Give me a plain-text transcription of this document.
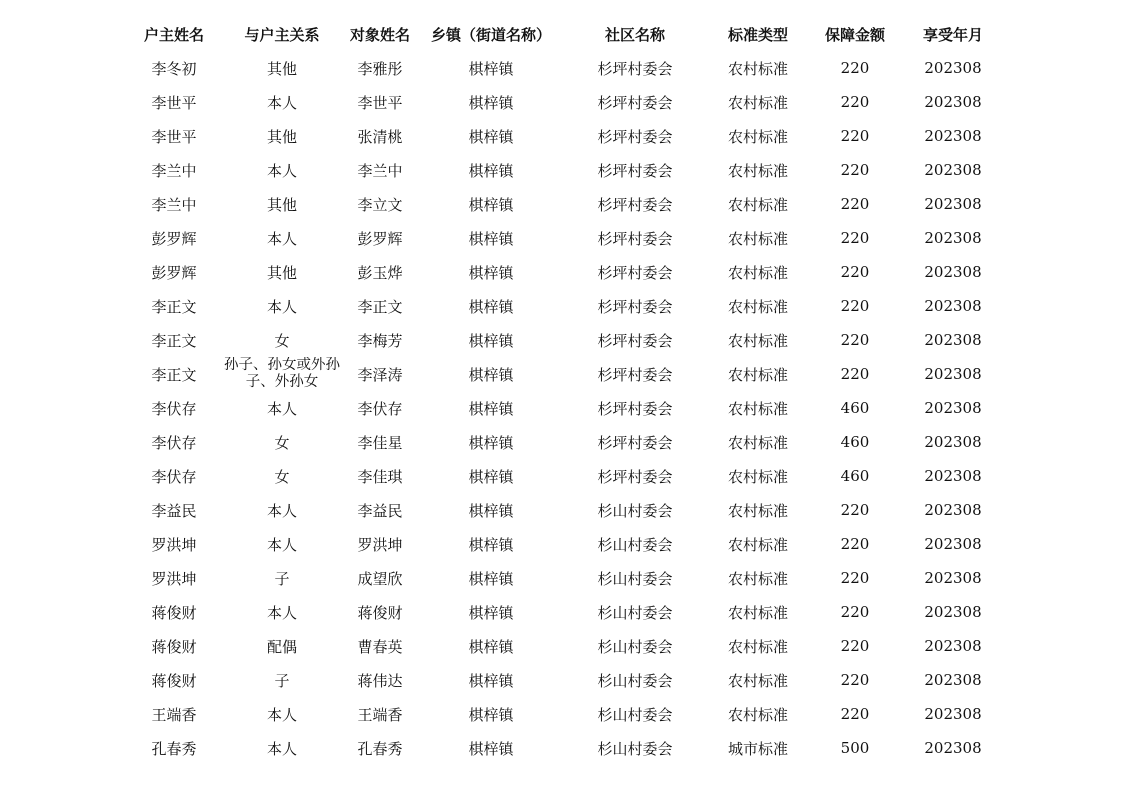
户主姓名	与户主关系	对象姓名	乡镇（街道名称）	社区名称	标准类型	保障金额	享受年月
李冬初	其他	李雅彤	棋梓镇	杉坪村委会	农村标准	220	202308
李世平	本人	李世平	棋梓镇	杉坪村委会	农村标准	220	202308
李世平	其他	张清桃	棋梓镇	杉坪村委会	农村标准	220	202308
李兰中	本人	李兰中	棋梓镇	杉坪村委会	农村标准	220	202308
李兰中	其他	李立文	棋梓镇	杉坪村委会	农村标准	220	202308
彭罗辉	本人	彭罗辉	棋梓镇	杉坪村委会	农村标准	220	202308
彭罗辉	其他	彭玉烨	棋梓镇	杉坪村委会	农村标准	220	202308
李正文	本人	李正文	棋梓镇	杉坪村委会	农村标准	220	202308
李正文	女	李梅芳	棋梓镇	杉坪村委会	农村标准	220	202308
李正文	孙子、孙女或外孙子、外孙女	李泽涛	棋梓镇	杉坪村委会	农村标准	220	202308
李伏存	本人	李伏存	棋梓镇	杉坪村委会	农村标准	460	202308
李伏存	女	李佳星	棋梓镇	杉坪村委会	农村标准	460	202308
李伏存	女	李佳琪	棋梓镇	杉坪村委会	农村标准	460	202308
李益民	本人	李益民	棋梓镇	杉山村委会	农村标准	220	202308
罗洪坤	本人	罗洪坤	棋梓镇	杉山村委会	农村标准	220	202308
罗洪坤	子	成望欣	棋梓镇	杉山村委会	农村标准	220	202308
蒋俊财	本人	蒋俊财	棋梓镇	杉山村委会	农村标准	220	202308
蒋俊财	配偶	曹春英	棋梓镇	杉山村委会	农村标准	220	202308
蒋俊财	子	蒋伟达	棋梓镇	杉山村委会	农村标准	220	202308
王端香	本人	王端香	棋梓镇	杉山村委会	农村标准	220	202308
孔春秀	本人	孔春秀	棋梓镇	杉山村委会	城市标准	500	202308
